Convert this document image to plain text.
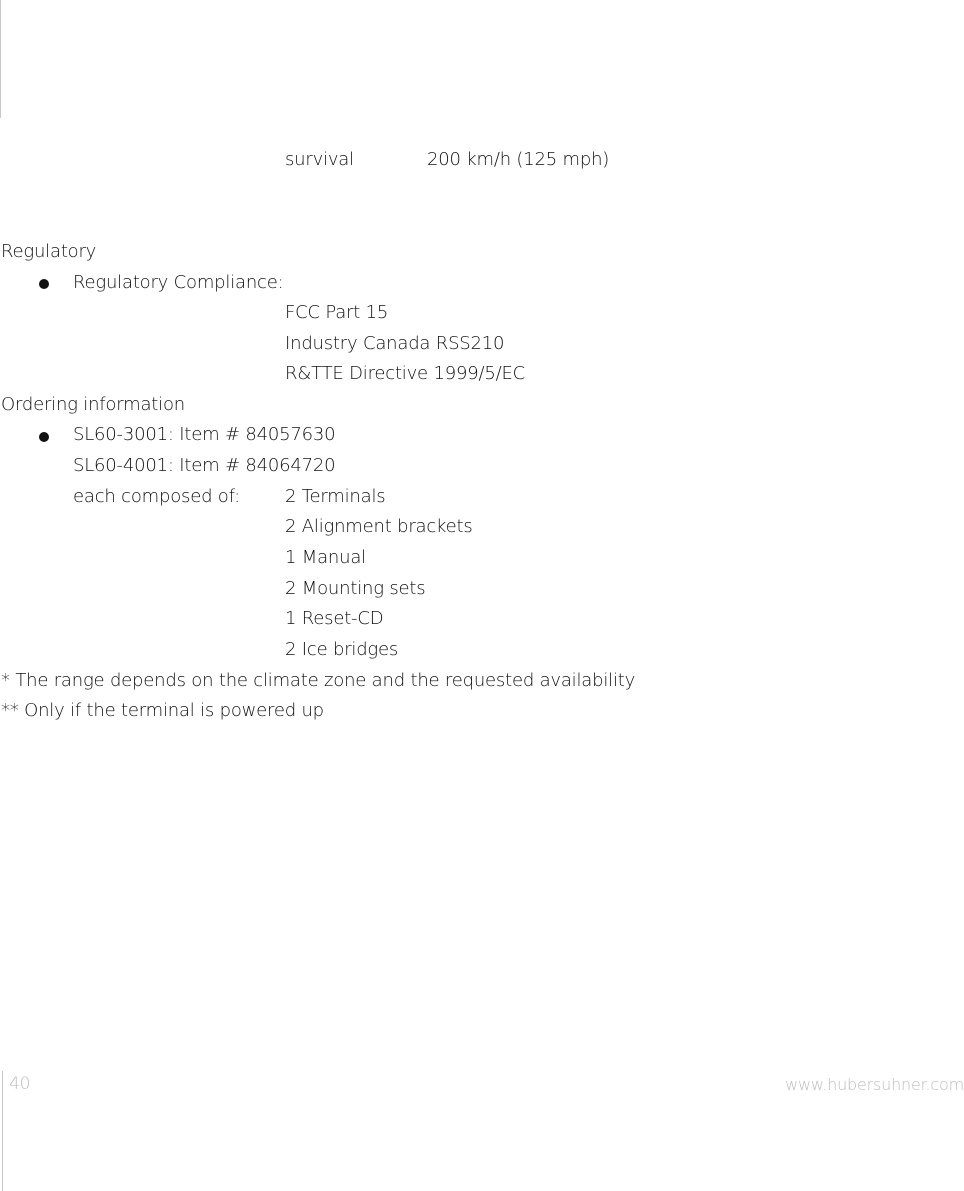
survival	200 km/h (125 mph)
Regulatory
Regulatory Compliance:
FCC Part 15
Industry Canada RSS210
R&TTE Directive 1999/5/EC
Ordering information
SL60-3001: Item # 84057630
SL60-4001: Item # 84064720
each composed of:	2 Terminals
2 Alignment brackets
1 Manual
2 Mounting sets
1 Reset-CD
2 Ice bridges
* The range depends on the climate zone and the requested availability
** Only if the terminal is powered up
40	www.hubersuhner.com
